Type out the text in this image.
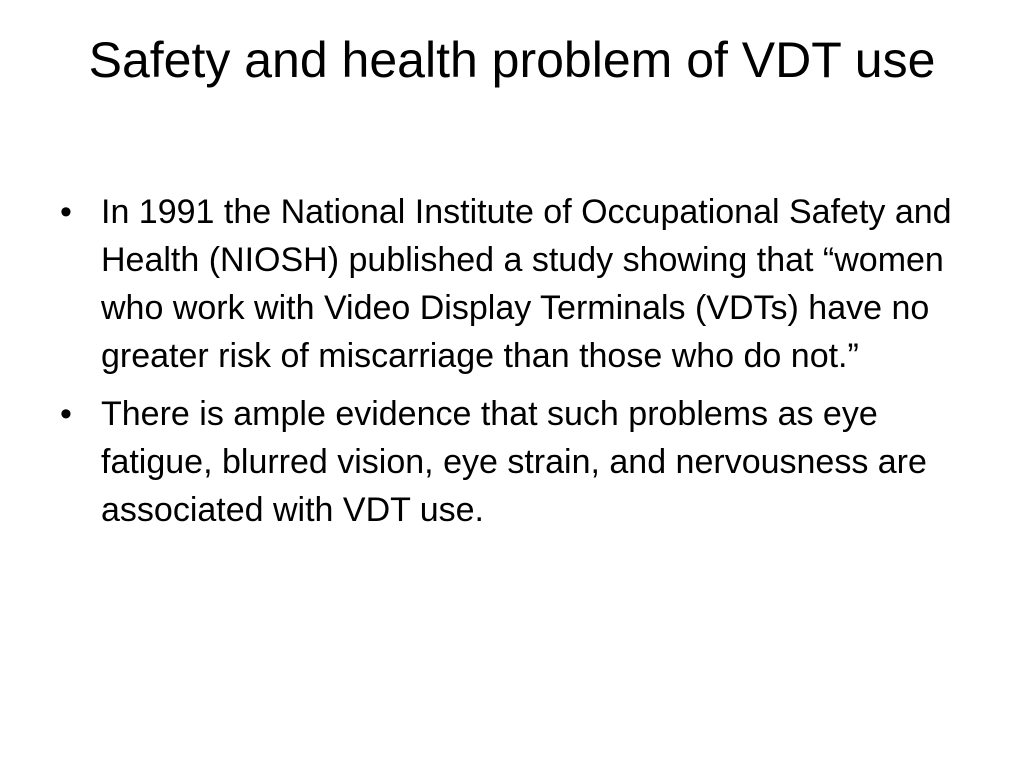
Safety and health problem of VDT use
• In 1991 the National Institute of Occupational Safety and Health (NIOSH) published a study showing that “women who work with Video Display Terminals (VDTs) have no greater risk of miscarriage than those who do not.”
• There is ample evidence that such problems as eye fatigue, blurred vision, eye strain, and nervousness are associated with VDT use.
